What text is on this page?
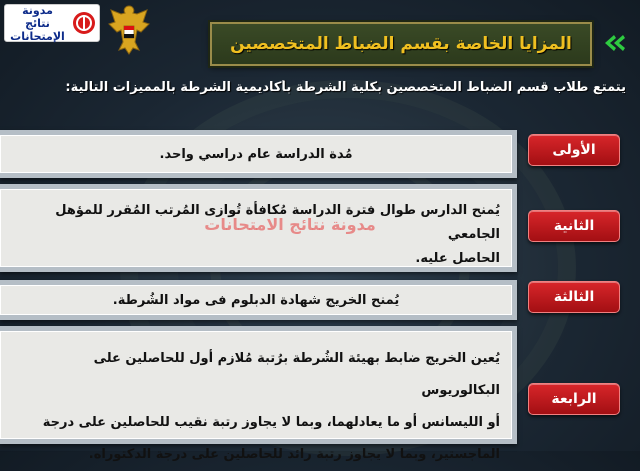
مدونة
نتائج الإمتحانات	المزايا الخاصة بقسم الضباط المتخصصين
يتمتع طلاب قسم الضباط المتخصصين بكلية الشرطة بأكاديمية الشرطة بالمميزات التالية:
مُدة الدراسة عام دراسي واحد.	الأولى
يُمنح الدارس طوال فترة الدراسة مُكافأة تُوازى المُرتب المُقرر للمؤهل الجامعي
الحاصل عليه.
الثانية
يُمنح الخريج شهادة الدبلوم فى مواد الشُرطة.	الثالثة
يُعين الخريج ضابط بهيئة الشُرطة برُتبة مُلازم أول للحاصلين على البكالوريوس
أو الليسانس أو ما يعادلهما، وبما لا يجاوز رتبة نقيب للحاصلين على درجة
الماجستير، وبما لا يجاوز رتبة رائد للحاصلين على درجة الدكتوراه.
الرابعة
مدونة نتائج الامتحانات
